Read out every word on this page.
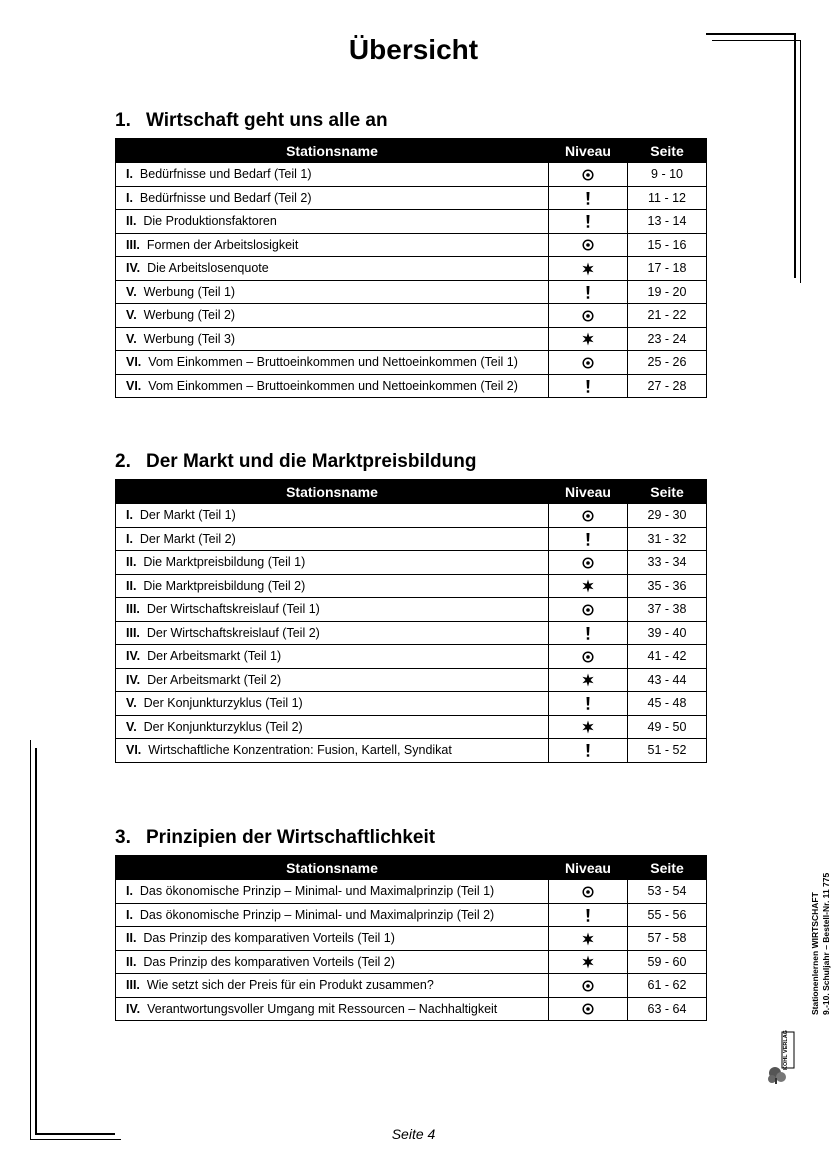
Übersicht
1. Wirtschaft geht uns alle an
Stationsname	Niveau	Seite
I. Bedürfnisse und Bedarf (Teil 1)		9 - 10
I. Bedürfnisse und Bedarf (Teil 2)		11 - 12
II. Die Produktionsfaktoren		13 - 14
III. Formen der Arbeitslosigkeit		15 - 16
IV. Die Arbeitslosenquote		17 - 18
V. Werbung (Teil 1)		19 - 20
V. Werbung (Teil 2)		21 - 22
V. Werbung (Teil 3)		23 - 24
VI. Vom Einkommen – Bruttoeinkommen und Nettoeinkommen (Teil 1)		25 - 26
VI. Vom Einkommen – Bruttoeinkommen und Nettoeinkommen (Teil 2)		27 - 28
2. Der Markt und die Marktpreisbildung
Stationsname	Niveau	Seite
I. Der Markt (Teil 1)		29 - 30
I. Der Markt (Teil 2)		31 - 32
II. Die Marktpreisbildung (Teil 1)		33 - 34
II. Die Marktpreisbildung (Teil 2)		35 - 36
III. Der Wirtschaftskreislauf (Teil 1)		37 - 38
III. Der Wirtschaftskreislauf (Teil 2)		39 - 40
IV. Der Arbeitsmarkt (Teil 1)		41 - 42
IV. Der Arbeitsmarkt (Teil 2)		43 - 44
V. Der Konjunkturzyklus (Teil 1)		45 - 48
V. Der Konjunkturzyklus (Teil 2)		49 - 50
VI. Wirtschaftliche Konzentration: Fusion, Kartell, Syndikat		51 - 52
3. Prinzipien der Wirtschaftlichkeit
Stationsname	Niveau	Seite
I. Das ökonomische Prinzip – Minimal- und Maximalprinzip (Teil 1)		53 - 54
I. Das ökonomische Prinzip – Minimal- und Maximalprinzip (Teil 2)		55 - 56
II. Das Prinzip des komparativen Vorteils (Teil 1)		57 - 58
II. Das Prinzip des komparativen Vorteils (Teil 2)		59 - 60
III. Wie setzt sich der Preis für ein Produkt zusammen?		61 - 62
IV. Verantwortungsvoller Umgang mit Ressourcen – Nachhaltigkeit		63 - 64	Stationenlernen WIRTSCHAFT 9.-10. Schuljahr – Bestell-Nr. 11 775
KOHL VERLAG
Seite 4
